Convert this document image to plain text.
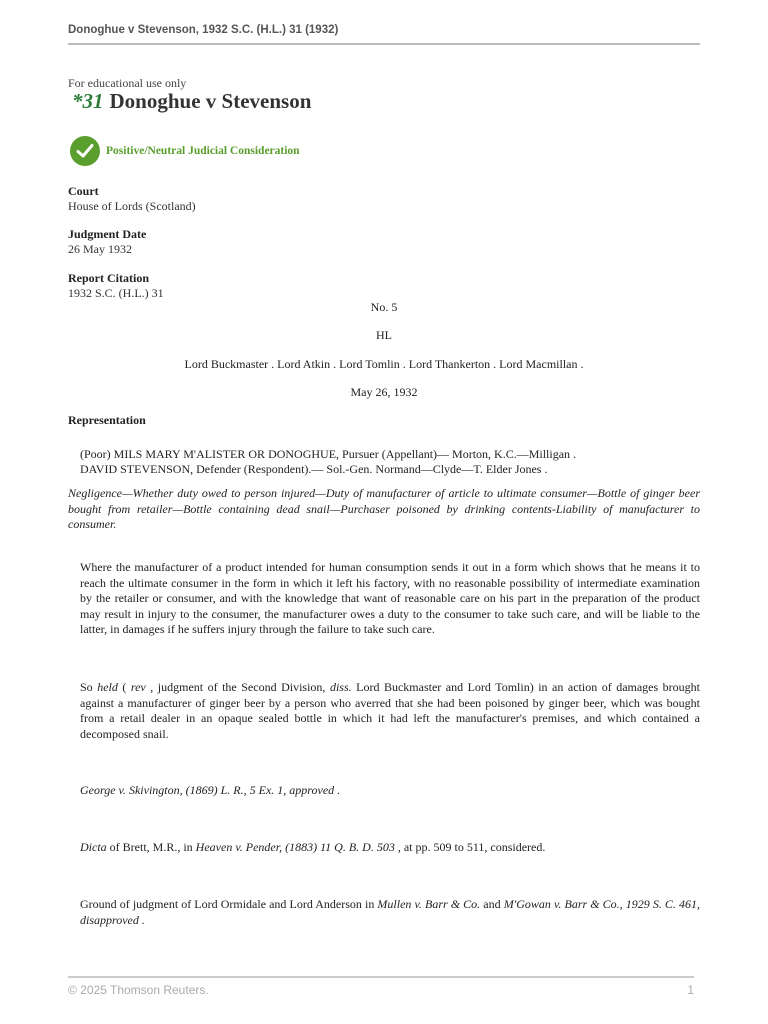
Donoghue v Stevenson, 1932 S.C. (H.L.) 31 (1932)
For educational use only
*31 Donoghue v Stevenson
Positive/Neutral Judicial Consideration
Court
House of Lords (Scotland)
Judgment Date
26 May 1932
Report Citation
1932 S.C. (H.L.) 31
No. 5
HL
Lord Buckmaster . Lord Atkin . Lord Tomlin . Lord Thankerton . Lord Macmillan .
May 26, 1932
Representation
(Poor) MILS MARY M'ALISTER OR DONOGHUE, Pursuer (Appellant)— Morton, K.C.—Milligan .
DAVID STEVENSON, Defender (Respondent).— Sol.-Gen. Normand—Clyde—T. Elder Jones .
Negligence—Whether duty owed to person injured—Duty of manufacturer of article to ultimate consumer—Bottle of ginger beer bought from retailer—Bottle containing dead snail—Purchaser poisoned by drinking contents-Liability of manufacturer to consumer.
Where the manufacturer of a product intended for human consumption sends it out in a form which shows that he means it to reach the ultimate consumer in the form in which it left his factory, with no reasonable possibility of intermediate examination by the retailer or consumer, and with the knowledge that want of reasonable care on his part in the preparation of the product may result in injury to the consumer, the manufacturer owes a duty to the consumer to take such care, and will be liable to the latter, in damages if he suffers injury through the failure to take such care.
So held ( rev , judgment of the Second Division, diss. Lord Buckmaster and Lord Tomlin) in an action of damages brought against a manufacturer of ginger beer by a person who averred that she had been poisoned by ginger beer, which was bought from a retail dealer in an opaque sealed bottle in which it had left the manufacturer's premises, and which contained a decomposed snail.
George v. Skivington, (1869) L. R., 5 Ex. 1, approved .
Dicta of Brett, M.R., in Heaven v. Pender, (1883) 11 Q. B. D. 503 , at pp. 509 to 511, considered.
Ground of judgment of Lord Ormidale and Lord Anderson in Mullen v. Barr & Co. and M'Gowan v. Barr & Co., 1929 S. C. 461, disapproved .
© 2025 Thomson Reuters.	1
